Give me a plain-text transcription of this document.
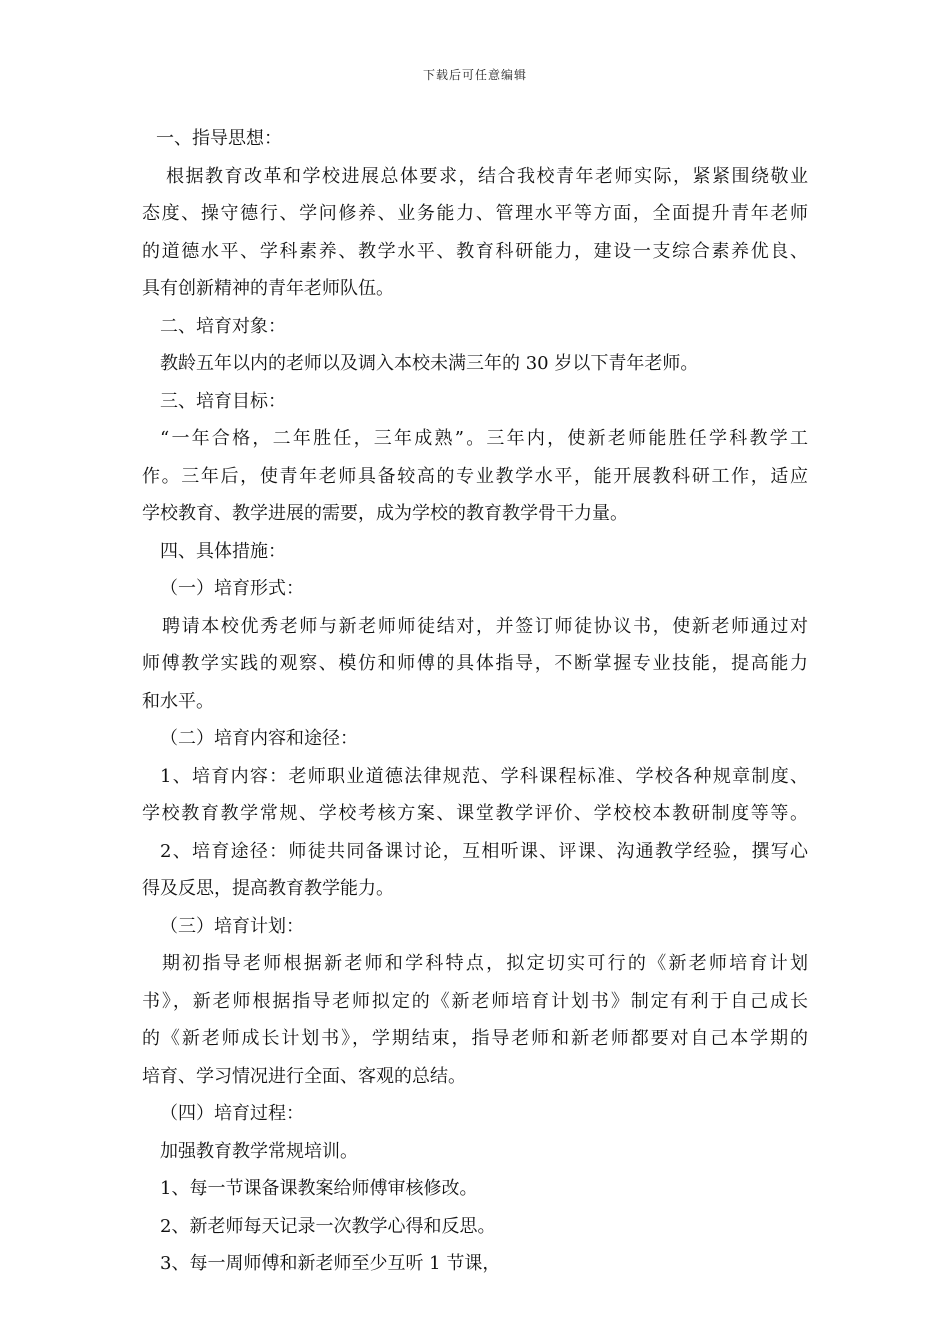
下载后可任意编辑

一、指导思想：

根据教育改革和学校进展总体要求，结合我校青年老师实际，紧紧围绕敬业

态度、操守德行、学问修养、业务能力、管理水平等方面，全面提升青年老师

的道德水平、学科素养、教学水平、教育科研能力，建设一支综合素养优良、

具有创新精神的青年老师队伍。

二、培育对象：

教龄五年以内的老师以及调入本校未满三年的 30 岁以下青年老师。

三、培育目标：

“一年合格，二年胜任，三年成熟”。三年内，使新老师能胜任学科教学工

作。三年后，使青年老师具备较高的专业教学水平，能开展教科研工作，适应

学校教育、教学进展的需要，成为学校的教育教学骨干力量。

四、具体措施：

（一）培育形式：

聘请本校优秀老师与新老师师徒结对，并签订师徒协议书，使新老师通过对

师傅教学实践的观察、模仿和师傅的具体指导，不断掌握专业技能，提高能力

和水平。

（二）培育内容和途径：

1、培育内容：老师职业道德法律规范、学科课程标准、学校各种规章制度、

学校教育教学常规、学校考核方案、课堂教学评价、学校校本教研制度等等。

2、培育途径：师徒共同备课讨论，互相听课、评课、沟通教学经验，撰写心

得及反思，提高教育教学能力。

（三）培育计划：

期初指导老师根据新老师和学科特点，拟定切实可行的《新老师培育计划

书》，新老师根据指导老师拟定的《新老师培育计划书》制定有利于自己成长

的《新老师成长计划书》，学期结束，指导老师和新老师都要对自己本学期的

培育、学习情况进行全面、客观的总结。

（四）培育过程：

加强教育教学常规培训。

1、每一节课备课教案给师傅审核修改。

2、新老师每天记录一次教学心得和反思。

3、每一周师傅和新老师至少互听 1 节课，
